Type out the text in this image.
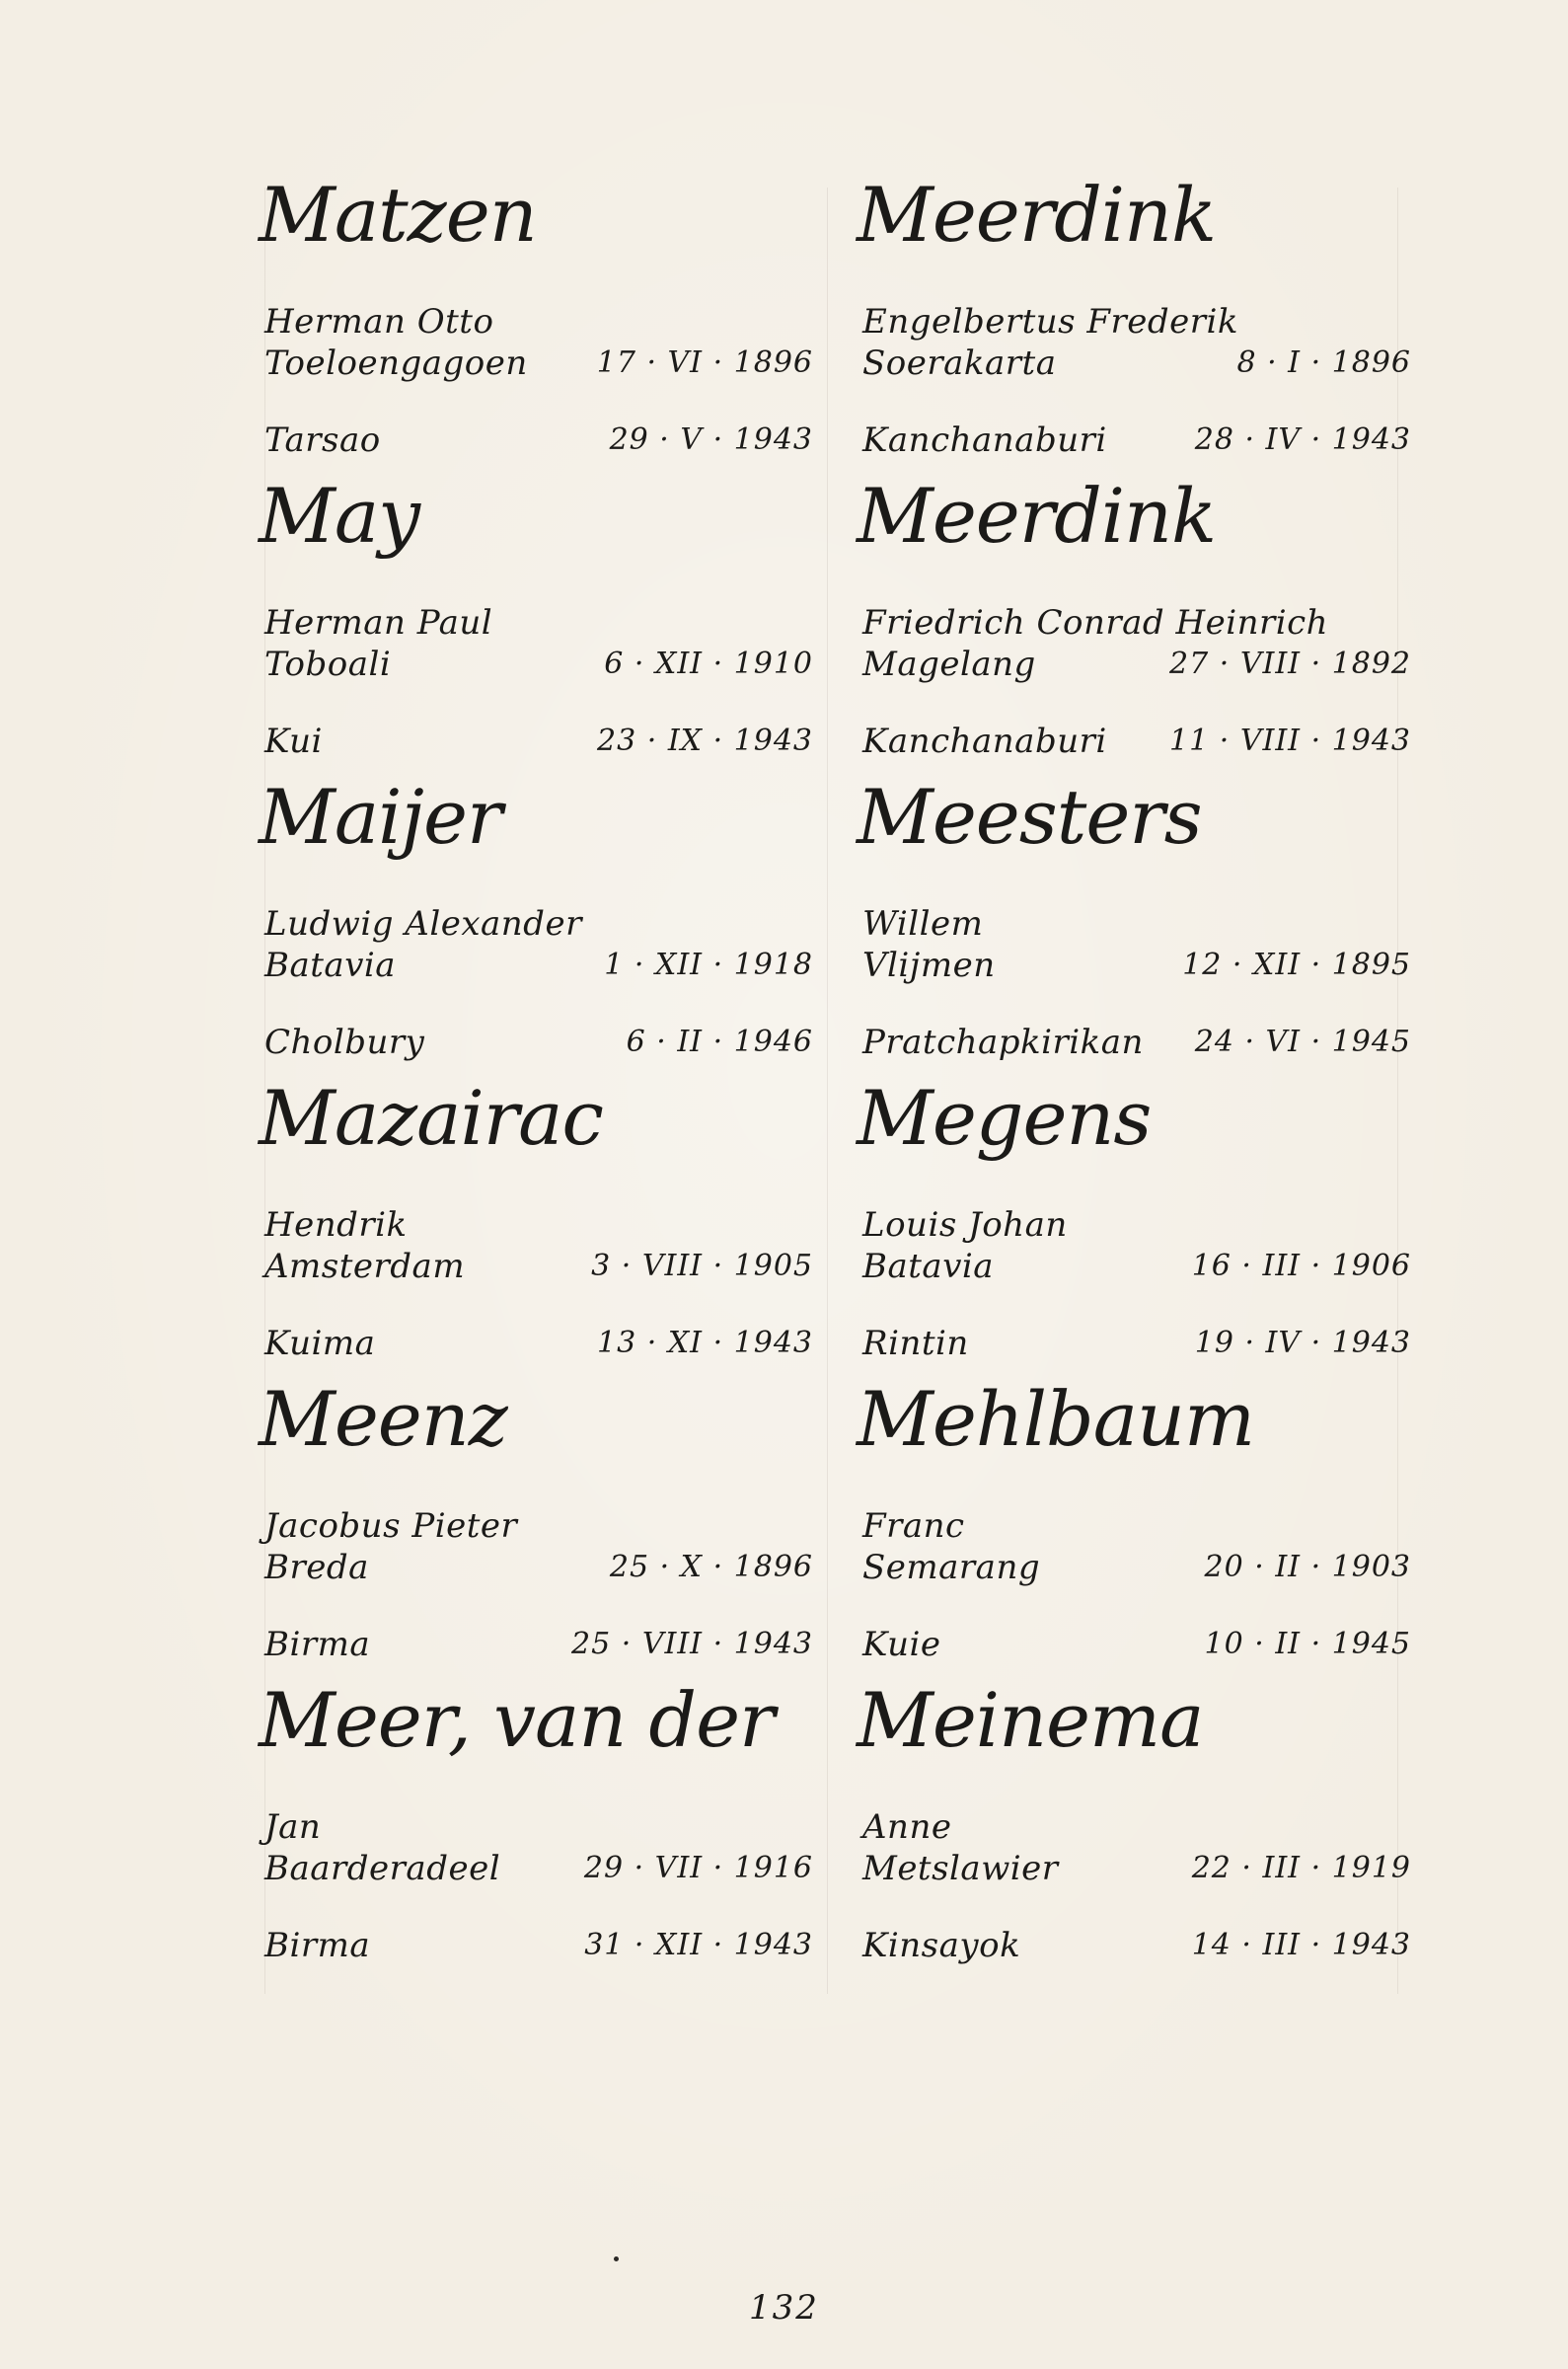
Matzen
Herman Otto
Toeloengagoen 17 · VI · 1896
Tarsao	29 · V · 1943
May
Herman Paul
Toboali	6 · XII · 1910
Kui	23 · IX · 1943
Maijer
Ludwig Alexander
Batavia	1 · XII · 1918
Cholbury	6 · II · 1946
Mazairac
Hendrik
Amsterdam	3 · VIII · 1905
Kuima	13 · XI · 1943
Meenz
Jacobus Pieter
Breda	25 · X · 1896
Birma	25 · VIII · 1943
Meer, van der
Jan
Baarderadeel	29 · VII · 1916
Birma	31 · XII · 1943
Meerdink
Engelbertus Frederik
Soerakarta	8 · I · 1896
Kanchanaburi	28 · IV · 1943
Meerdink
Friedrich Conrad Heinrich
Magelang	27 · VIII · 1892
Kanchanaburi 11 · VIII · 1943
Meesters
Willem
Vlijmen	12 · XII · 1895
Pratchapkirikan 24 · VI · 1945
Megens
Louis Johan
Batavia	16 · III · 1906
Rintin	19 · IV · 1943
Mehlbaum
Franc
Semarang	20 · II · 1903
Kuie	10 · II · 1945
Meinema
Anne
Metslawier	22 · III · 1919
Kinsayok	14 · III · 1943
132
